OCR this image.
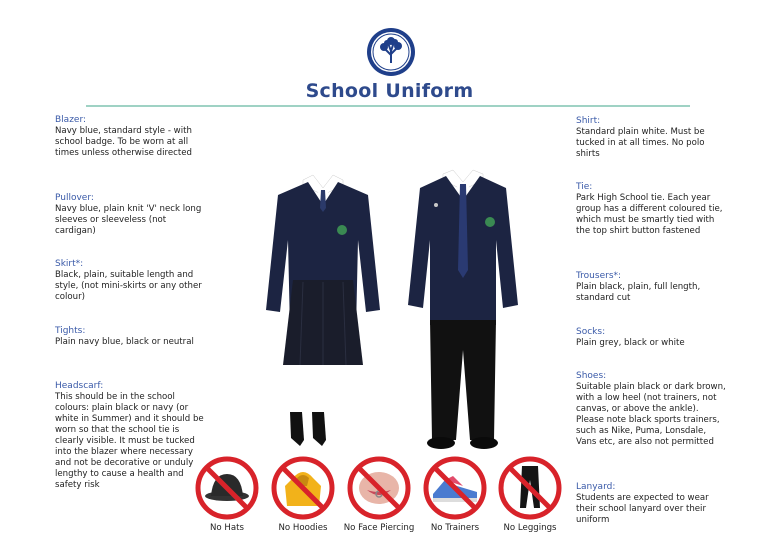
School Uniform
Blazer:
Navy blue, standard style - with school badge. To be worn at all times unless otherwise directed
Pullover:
Navy blue, plain knit 'V' neck long sleeves or sleeveless (not cardigan)
Skirt*:
Black, plain, suitable length and style, (not mini-skirts or any other colour)
Tights:
Plain navy blue, black or neutral
Headscarf:
This should be in the school colours: plain black or navy (or white in Summer) and it should be worn so that the school tie is clearly visible. It must be tucked into the blazer where necessary and not be decorative or unduly lengthy to cause a health and safety risk
Shirt:
Standard plain white. Must be tucked in at all times. No polo shirts
Tie:
Park High School tie. Each year group has a different coloured tie, which must be smartly tied with the top shirt button fastened
Trousers*:
Plain black, plain, full length, standard cut
Socks:
Plain grey, black or white
Shoes:
Suitable plain black or dark brown, with a low heel (not trainers, not canvas, or above the ankle). Please note black sports trainers, such as Nike, Puma, Lonsdale, Vans etc, are also not permitted
Lanyard:
Students are expected to wear their school lanyard over their uniform
No Hats	No Hoodies	No Face Piercing	No Trainers	No Leggings
